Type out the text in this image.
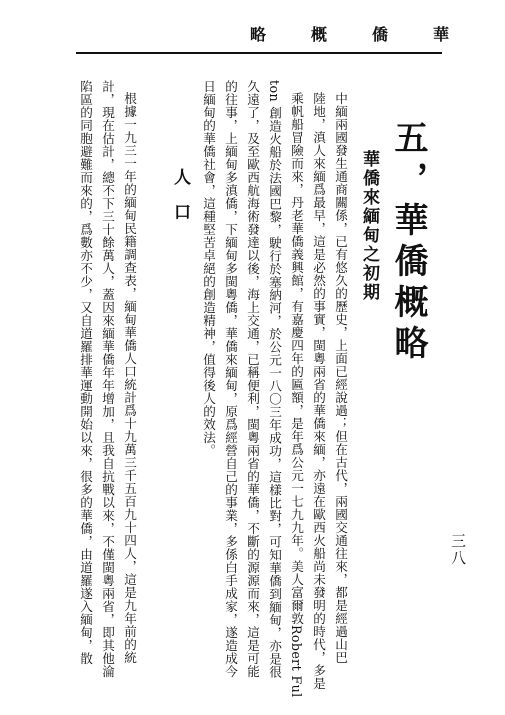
略	概	僑	華
五，華僑概略
華僑來緬甸之初期
中緬兩國發生通商關係，已有悠久的歷史，上面已經說過；但在古代，兩國交通往來，都是經過山巴
陸地，滇人來緬爲最早，這是必然的事實，閩粵兩省的華僑來緬，亦遠在歐西火船尚未發明的時代，多是
乘帆船冒險而來，丹老華僑義興館，有嘉慶四年的匾額，是年爲公元一七九九年。美人富爾敦Robert Ful
ton 創造火船於法國巴黎，駛行於塞納河，於公元一八〇三年成功，這樣比對，可知華僑到緬甸，亦是很
久遠了，及至歐西航海術發達以後，海上交通，已稱便利，閩粵兩省的華僑，不斷的源源而來，這是可能
的往事，上緬甸多滇僑，下緬甸多閩粵僑，華僑來緬甸，原爲經營自己的事業，多係白手成家，遂造成今
日緬甸的華僑社會，這種堅苦卓絕的創造精神，值得後人的效法。
人口
根據一九三一年的緬甸民籍調查表，緬甸華僑人口統計爲十九萬三千五百九十四人，這是九年前的統
計，現在估計，總不下三十餘萬人，蓋因來緬華僑年年增加，且我自抗戰以來，不僅閩粵兩省，即其他淪
陷區的同胞避難而來的，爲數亦不少，又自道羅排華運動開始以來，很多的華僑，由道羅遂入緬甸，散	三八
